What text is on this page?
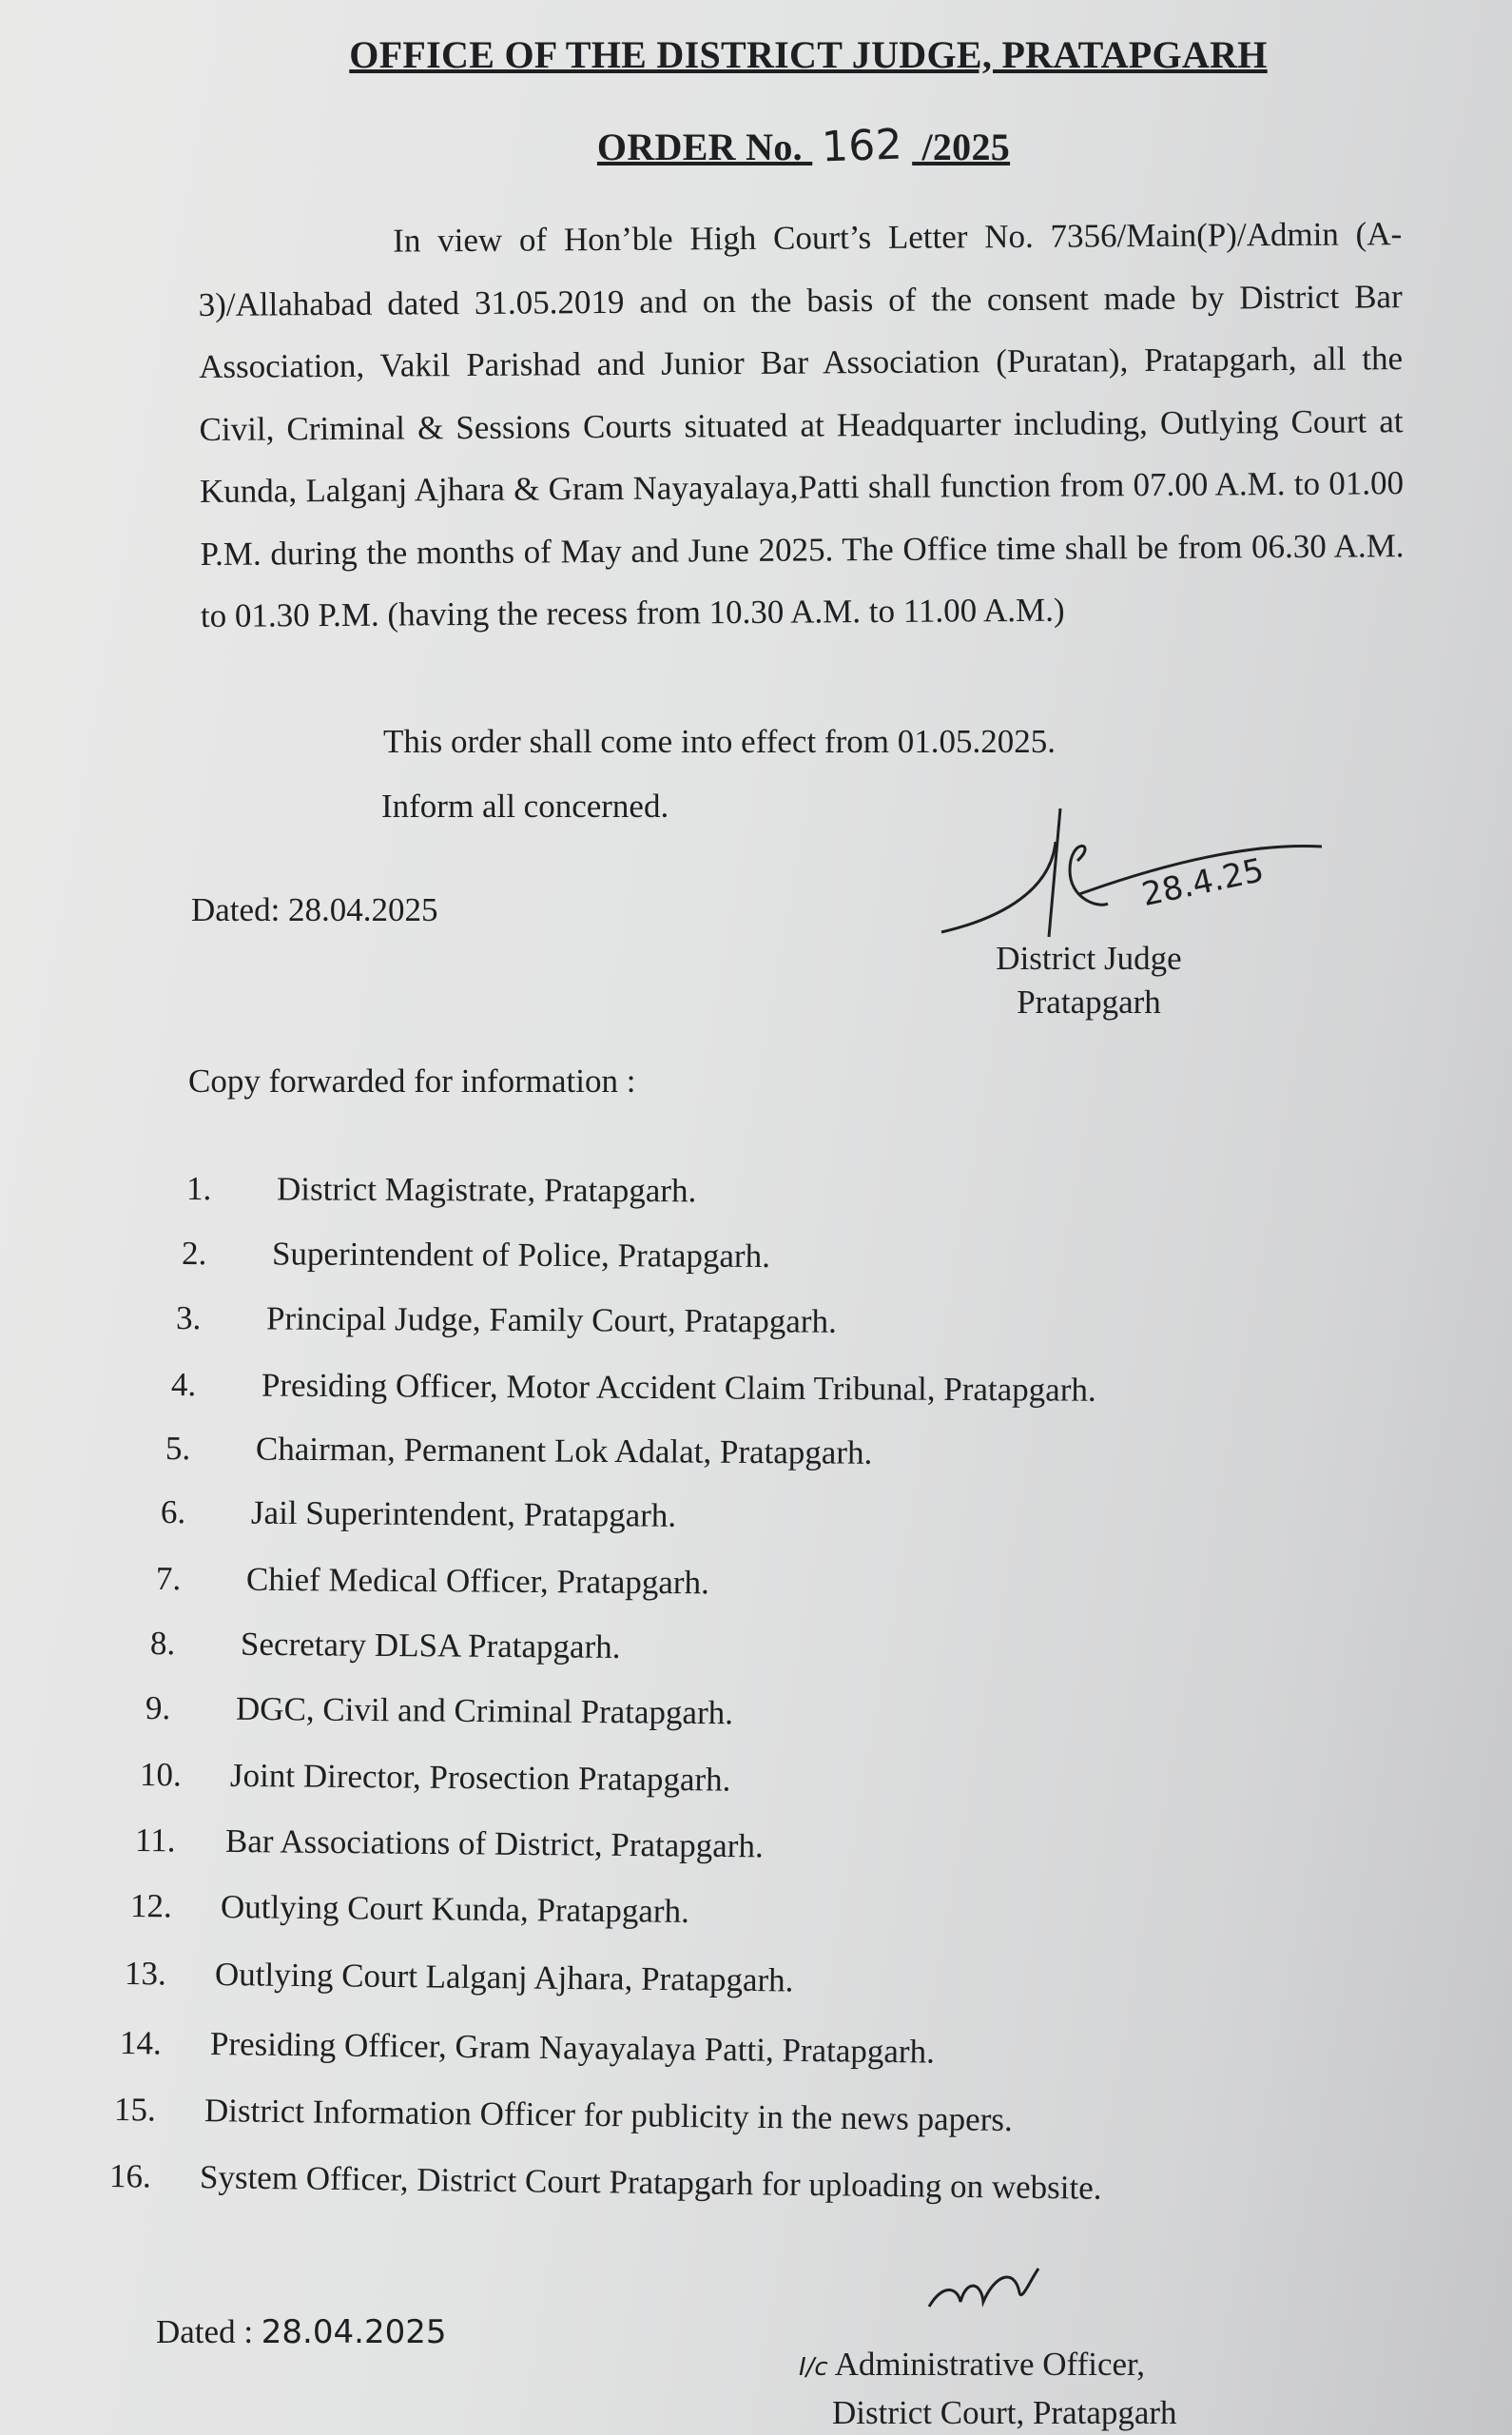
OFFICE OF THE DISTRICT JUDGE, PRATAPGARH
ORDER No. 162 /2025
In view of Hon’ble High Court’s Letter No. 7356/Main(P)/Admin (A-3)/Allahabad dated 31.05.2019 and on the basis of the consent made by District Bar Association, Vakil Parishad and Junior Bar Association (Puratan), Pratapgarh, all the Civil, Criminal & Sessions Courts situated at Headquarter including, Outlying Court at Kunda, Lalganj Ajhara & Gram Nayayalaya,Patti shall function from 07.00 A.M. to 01.00 P.M. during the months of May and June 2025. The Office time shall be from 06.30 A.M. to 01.30 P.M. (having the recess from 10.30 A.M. to 11.00 A.M.)
This order shall come into effect from 01.05.2025.
Inform all concerned.
Dated: 28.04.2025	28.4.25
District Judge
Pratapgarh
Copy forwarded for information :
1. District Magistrate, Pratapgarh.
2. Superintendent of Police, Pratapgarh.
3. Principal Judge, Family Court, Pratapgarh.
4. Presiding Officer, Motor Accident Claim Tribunal, Pratapgarh.
5. Chairman, Permanent Lok Adalat, Pratapgarh.
6. Jail Superintendent, Pratapgarh.
7. Chief Medical Officer, Pratapgarh.
8. Secretary DLSA Pratapgarh.
9. DGC, Civil and Criminal Pratapgarh.
10. Joint Director, Prosection Pratapgarh.
11. Bar Associations of District, Pratapgarh.
12. Outlying Court Kunda, Pratapgarh.
13. Outlying Court Lalganj Ajhara, Pratapgarh.
14. Presiding Officer, Gram Nayayalaya Patti, Pratapgarh.
15. District Information Officer for publicity in the news papers.
16. System Officer, District Court Pratapgarh for uploading on website.
Dated : 28.04.2025
I/c Administrative Officer,
District Court, Pratapgarh
